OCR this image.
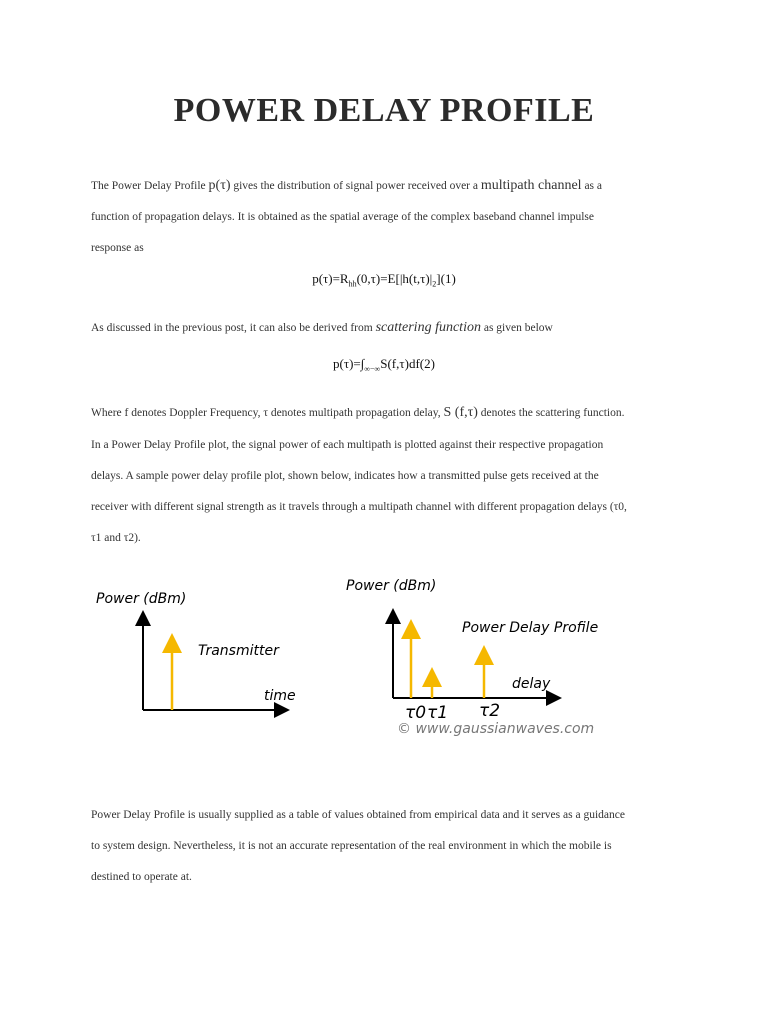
POWER DELAY PROFILE
The Power Delay Profile p(τ) gives the distribution of signal power received over a multipath channel as a
function of propagation delays. It is obtained as the spatial average of the complex baseband channel impulse
response as
$p(\tau)=R_{hh}(0,\tau)=E[|h(t,\tau)|_2](1)$
As discussed in the previous post, it can also be derived from scattering function as given below
$p(\tau)=\int_{\infty-\infty}S(f,\tau)df(2)$
Where f denotes Doppler Frequency, τ denotes multipath propagation delay, S (f,τ) denotes the scattering function.
In a Power Delay Profile plot, the signal power of each multipath is plotted against their respective propagation
delays. A sample power delay profile plot, shown below, indicates how a transmitted pulse gets received at the
receiver with different signal strength as it travels through a multipath channel with different propagation delays (τ0,
τ1 and τ2).
Power (dBm)
Transmitter
time
Power (dBm)
Power Delay Profile
delay
τ0 τ1 τ2
© www.gaussianwaves.com
Power Delay Profile is usually supplied as a table of values obtained from empirical data and it serves as a guidance
to system design. Nevertheless, it is not an accurate representation of the real environment in which the mobile is
destined to operate at.
